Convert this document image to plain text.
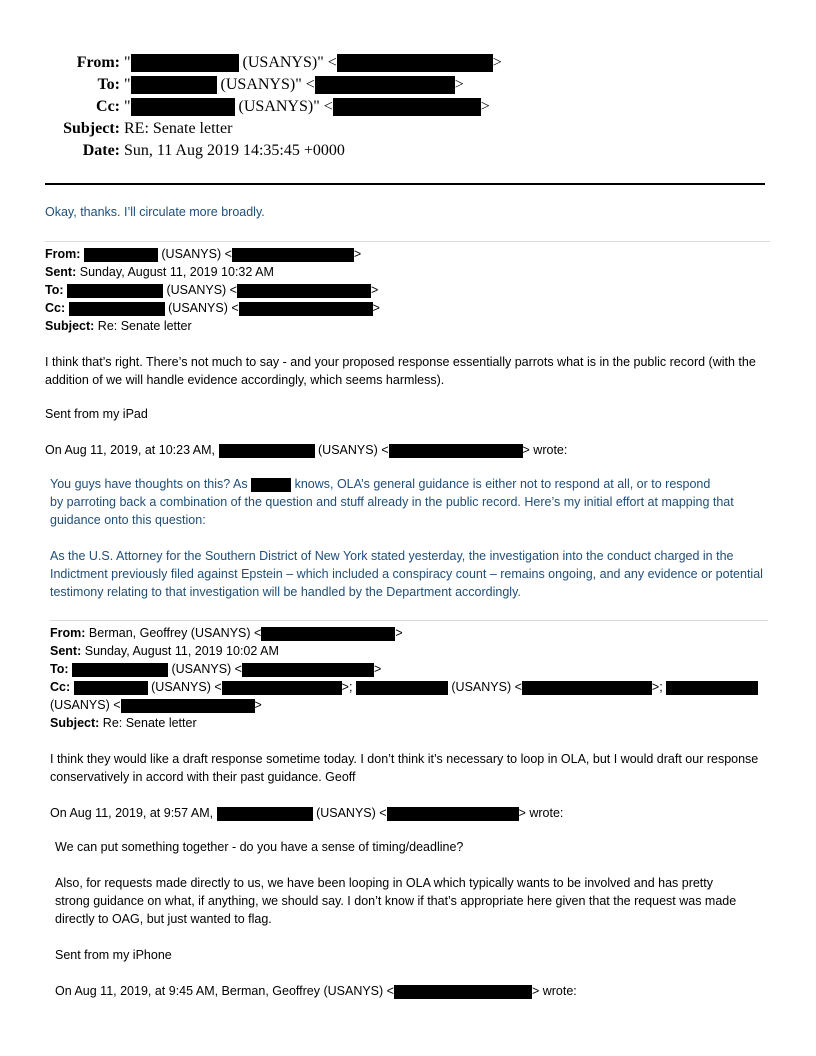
From: "	(USANYS)" <	>
To: "	(USANYS)" <	>
Cc: "	(USANYS)" <	>
Subject: RE: Senate letter
Date: Sun, 11 Aug 2019 14:35:45 +0000
Okay, thanks. I’ll circulate more broadly.
From:	(USANYS) <	>
Sent: Sunday, August 11, 2019 10:32 AM
To:	(USANYS) <	>
Cc:	(USANYS) <	>
Subject: Re: Senate letter
I think that’s right. There’s not much to say - and your proposed response essentially parrots what is in the public record (with the addition of we will handle evidence accordingly, which seems harmless).
Sent from my iPad
On Aug 11, 2019, at 10:23 AM,	(USANYS) <	> wrote:
You guys have thoughts on this? As	knows, OLA’s general guidance is either not to respond at all, or to respond
by parroting back a combination of the question and stuff already in the public record. Here’s my initial effort at mapping that guidance onto this question:
As the U.S. Attorney for the Southern District of New York stated yesterday, the investigation into the conduct charged in the Indictment previously filed against Epstein – which included a conspiracy count – remains ongoing, and any evidence or potential testimony relating to that investigation will be handled by the Department accordingly.
From: Berman, Geoffrey (USANYS) <	>
Sent: Sunday, August 11, 2019 10:02 AM
To:	(USANYS) <	>
Cc:	(USANYS) <	>;	(USANYS) <	>;
(USANYS) <	>
Subject: Re: Senate letter
I think they would like a draft response sometime today. I don’t think it’s necessary to loop in OLA, but I would draft our response conservatively in accord with their past guidance. Geoff
On Aug 11, 2019, at 9:57 AM,	(USANYS) <	> wrote:
We can put something together - do you have a sense of timing/deadline?
Also, for requests made directly to us, we have been looping in OLA which typically wants to be involved and has pretty strong guidance on what, if anything, we should say. I don’t know if that’s appropriate here given that the request was made directly to OAG, but just wanted to flag.
Sent from my iPhone
On Aug 11, 2019, at 9:45 AM, Berman, Geoffrey (USANYS) <	> wrote:
